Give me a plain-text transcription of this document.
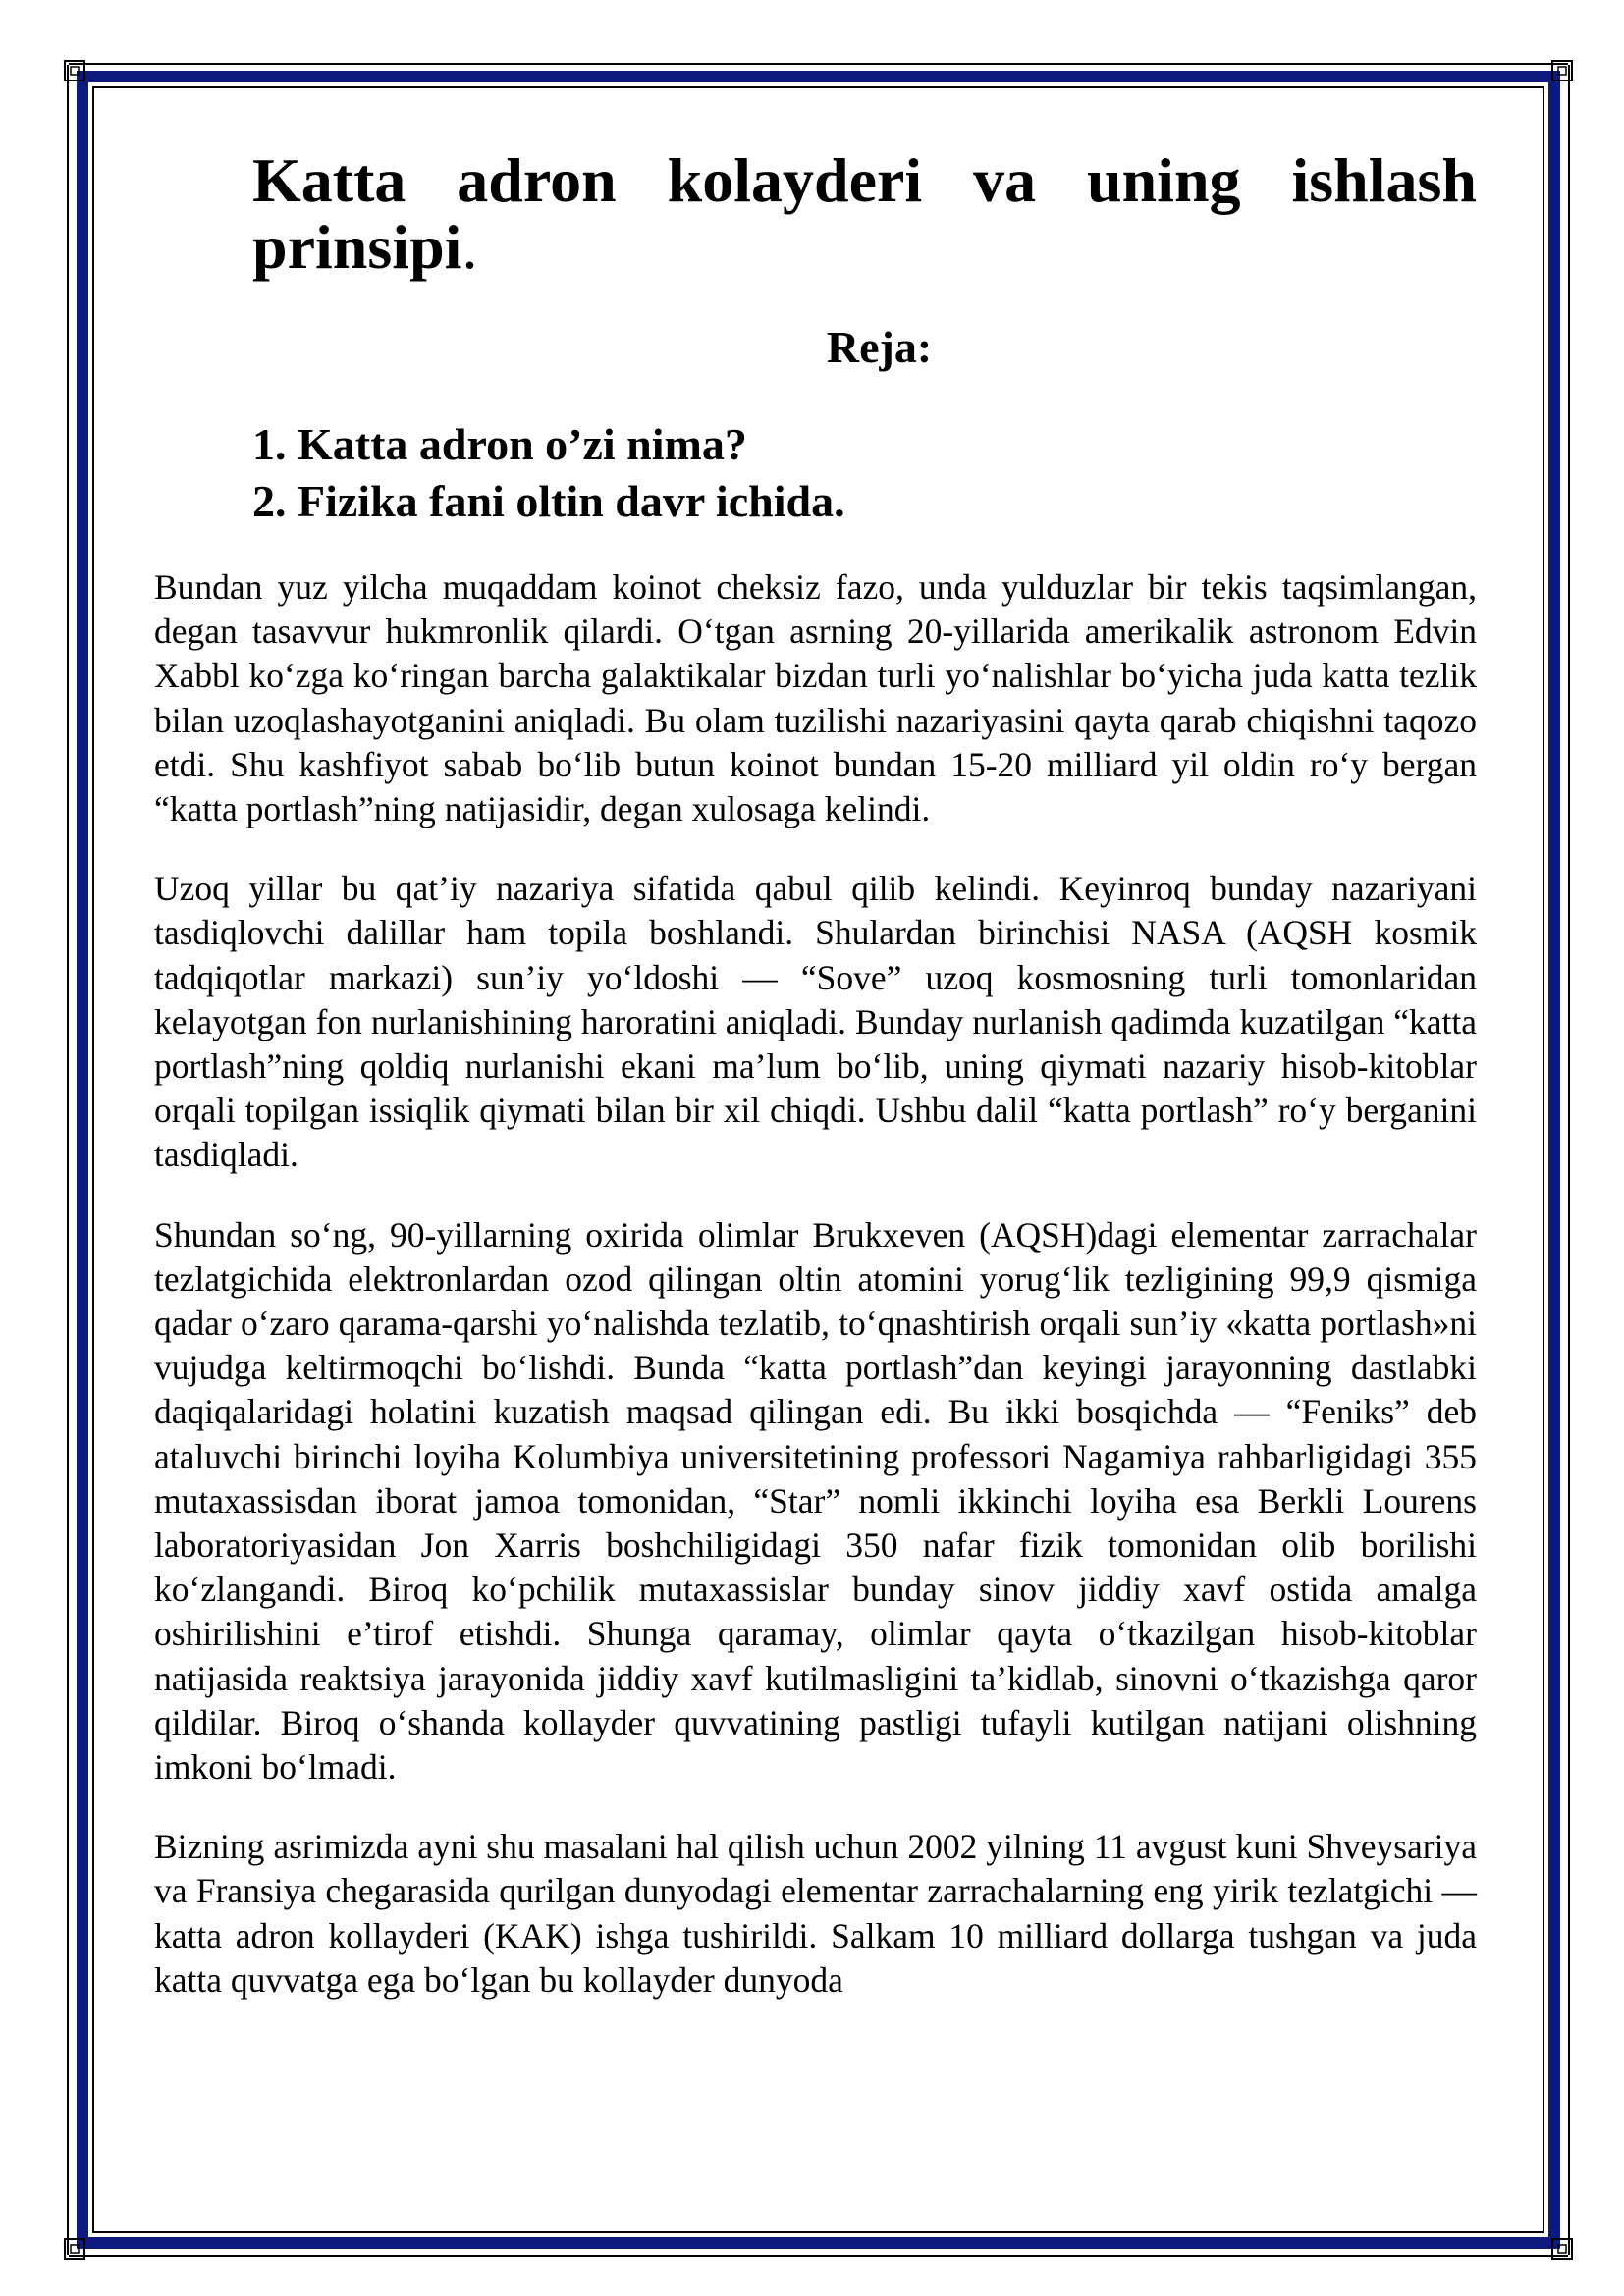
Katta adron kolayderi va uning ishlash prinsipi.
Reja:
1. Katta adron o’zi nima?
2. Fizika fani oltin davr ichida.

Bundan yuz yilcha muqaddam koinot cheksiz fazo, unda yulduzlar bir tekis taqsimlangan, degan tasavvur hukmronlik qilardi. O‘tgan asrning 20-yillarida amerikalik astronom Edvin Xabbl ko‘zga ko‘ringan barcha galaktikalar bizdan turli yo‘nalishlar bo‘yicha juda katta tezlik bilan uzoqlashayotganini aniqladi. Bu olam tuzilishi nazariyasini qayta qarab chiqishni taqozo etdi. Shu kashfiyot sabab bo‘lib butun koinot bundan 15-20 milliard yil oldin ro‘y bergan “katta portlash”ning natijasidir, degan xulosaga kelindi.

Uzoq yillar bu qat’iy nazariya sifatida qabul qilib kelindi. Keyinroq bunday nazariyani tasdiqlovchi dalillar ham topila boshlandi. Shulardan birinchisi NASA (AQSH kosmik tadqiqotlar markazi) sun’iy yo‘ldoshi — “Sove” uzoq kosmosning turli tomonlaridan kelayotgan fon nurlanishining haroratini aniqladi. Bunday nurlanish qadimda kuzatilgan “katta portlash”ning qoldiq nurlanishi ekani ma’lum bo‘lib, uning qiymati nazariy hisob-kitoblar orqali topilgan issiqlik qiymati bilan bir xil chiqdi. Ushbu dalil “katta portlash” ro‘y berganini tasdiqladi.

Shundan so‘ng, 90-yillarning oxirida olimlar Brukxeven (AQSH)dagi elementar zarrachalar tezlatgichida elektronlardan ozod qilingan oltin atomini yorug‘lik tezligining 99,9 qismiga qadar o‘zaro qarama-qarshi yo‘nalishda tezlatib, to‘qnashtirish orqali sun’iy «katta portlash»ni vujudga keltirmoqchi bo‘lishdi. Bunda “katta portlash”dan keyingi jarayonning dastlabki daqiqalaridagi holatini kuzatish maqsad qilingan edi. Bu ikki bosqichda — “Feniks” deb ataluvchi birinchi loyiha Kolumbiya universitetining professori Nagamiya rahbarligidagi 355 mutaxassisdan iborat jamoa tomonidan, “Star” nomli ikkinchi loyiha esa Berkli Lourens laboratoriyasidan Jon Xarris boshchiligidagi 350 nafar fizik tomonidan olib borilishi ko‘zlangandi. Biroq ko‘pchilik mutaxassislar bunday sinov jiddiy xavf ostida amalga oshirilishini e’tirof etishdi. Shunga qaramay, olimlar qayta o‘tkazilgan hisob-kitoblar natijasida reaktsiya jarayonida jiddiy xavf kutilmasligini ta’kidlab, sinovni o‘tkazishga qaror qildilar. Biroq o‘shanda kollayder quvvatining pastligi tufayli kutilgan natijani olishning imkoni bo‘lmadi.

Bizning asrimizda ayni shu masalani hal qilish uchun 2002 yilning 11 avgust kuni Shveysariya va Fransiya chegarasida qurilgan dunyodagi elementar zarrachalarning eng yirik tezlatgichi — katta adron kollayderi (KAK) ishga tushirildi. Salkam 10 milliard dollarga tushgan va juda katta quvvatga ega bo‘lgan bu kollayder dunyoda
